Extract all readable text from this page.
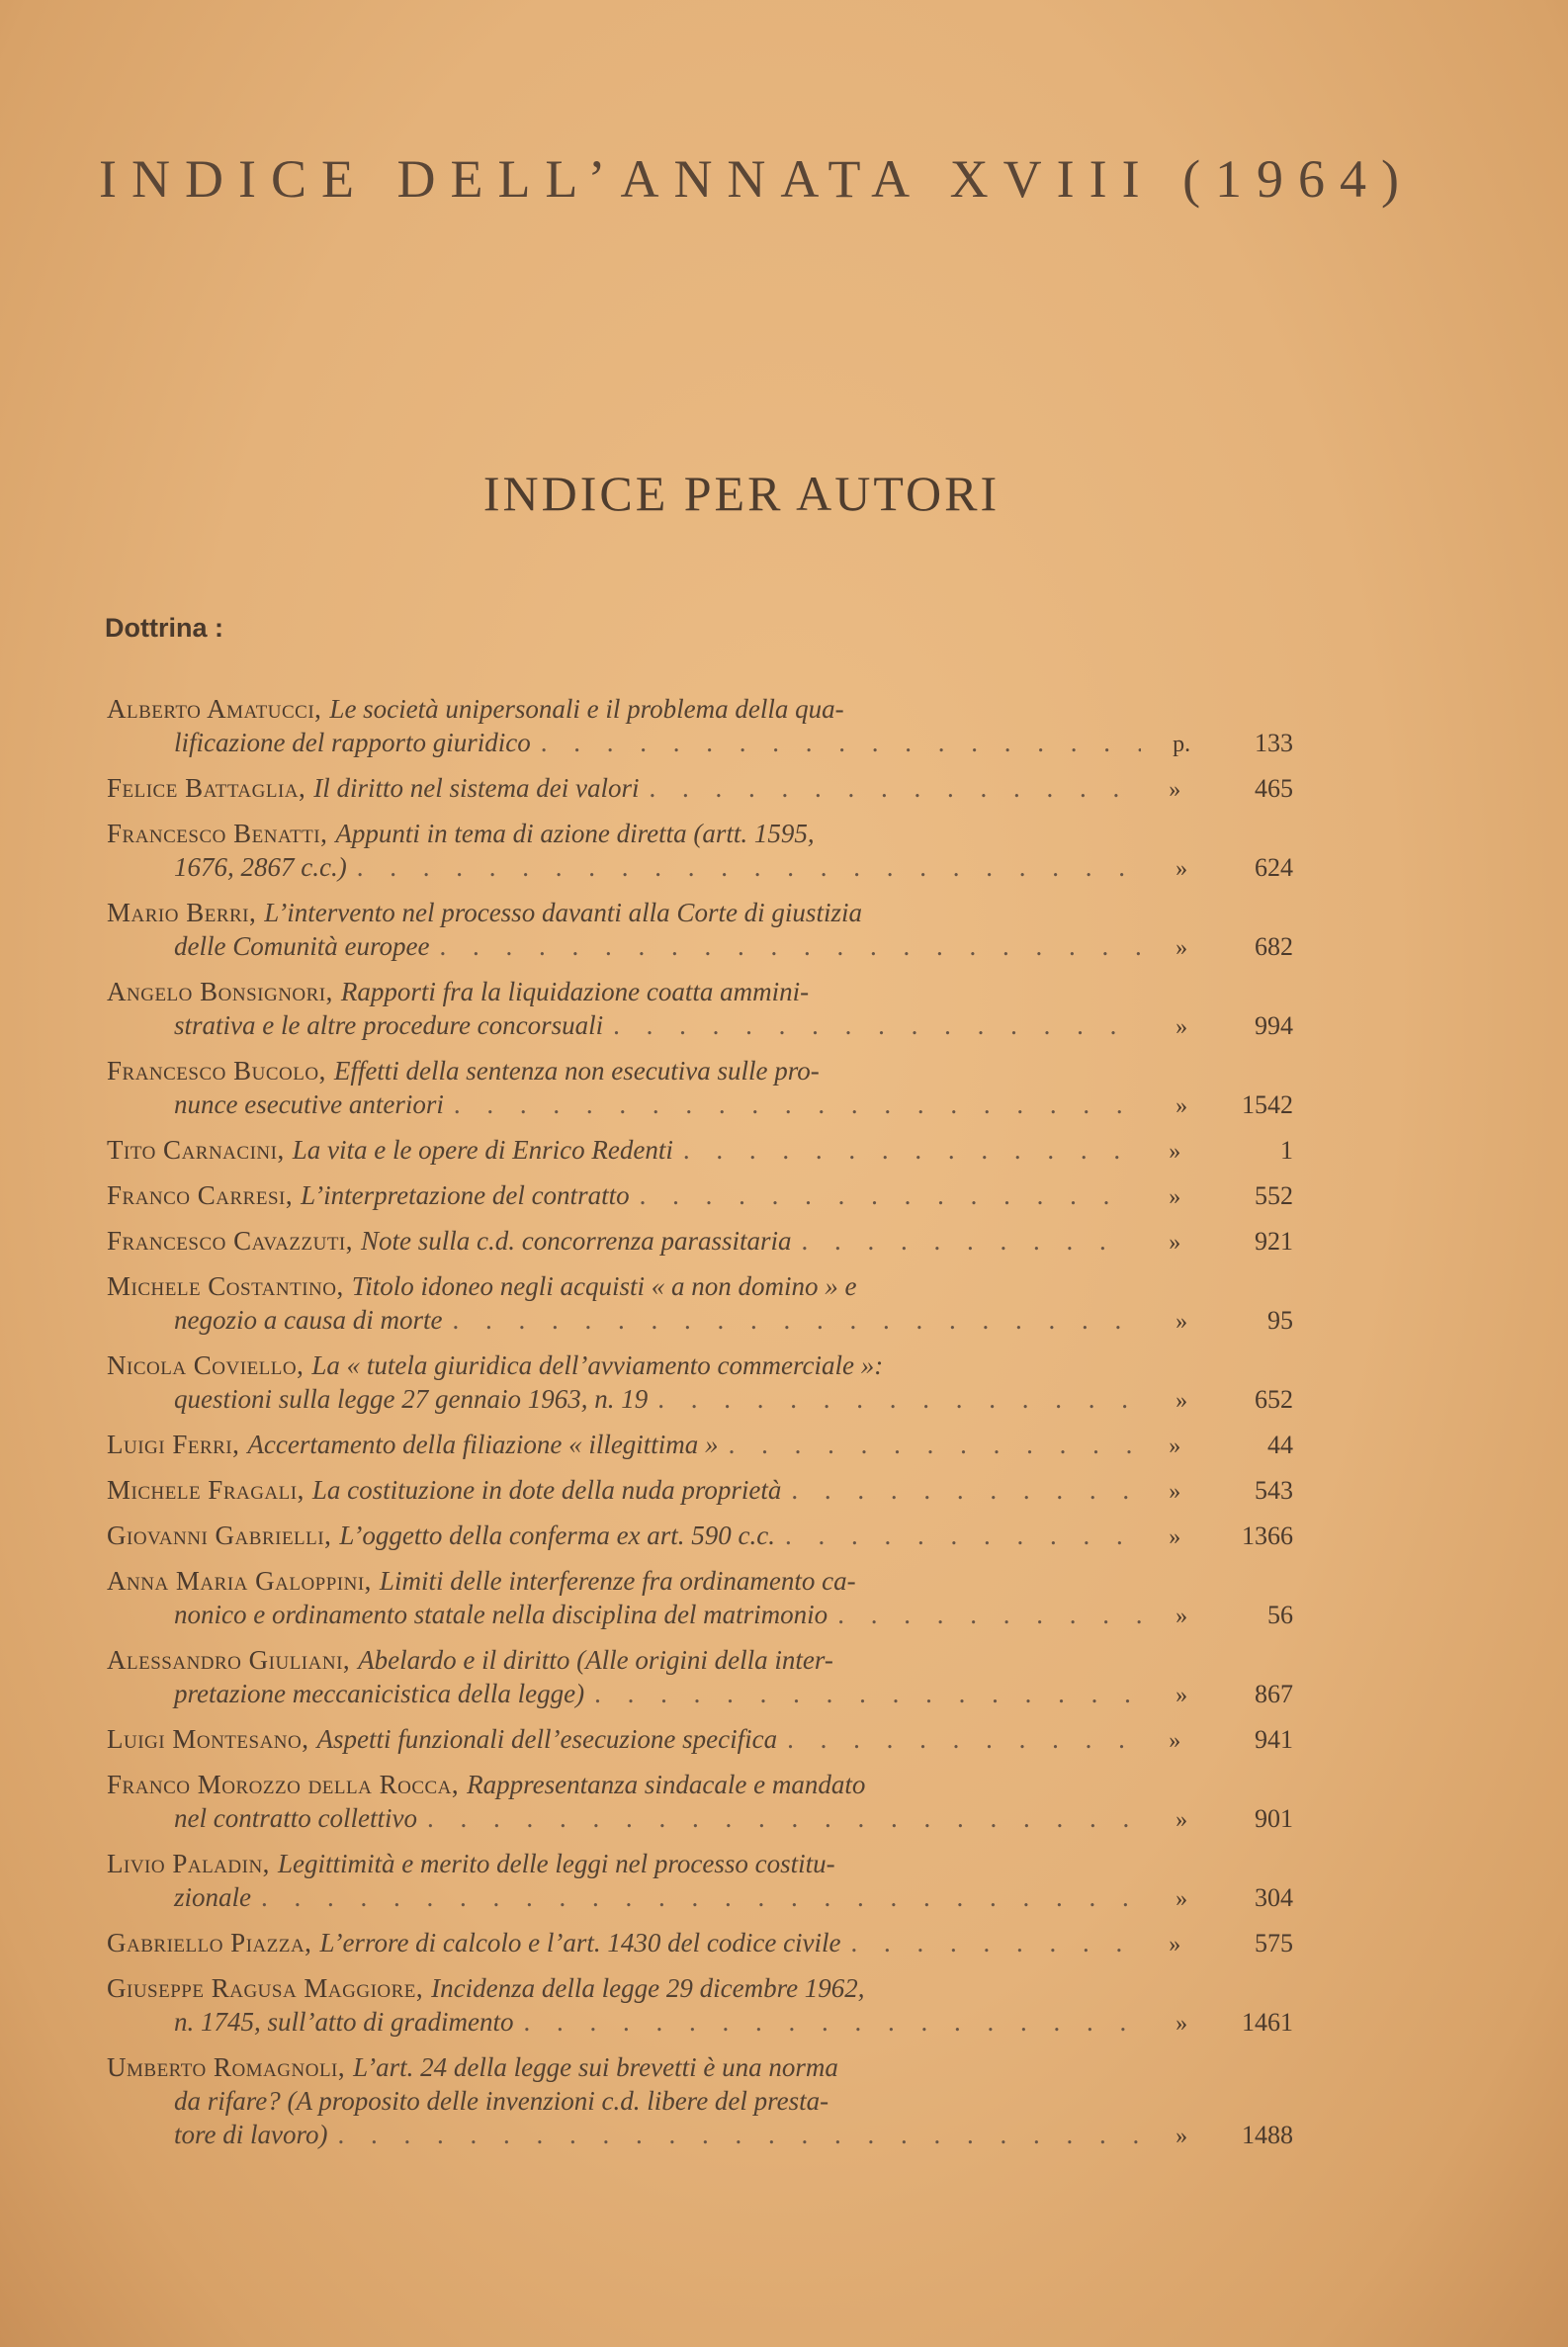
INDICE DELL’ANNATA XVIII (1964)
INDICE PER AUTORI
Dottrina :
Alberto Amatucci, Le società unipersonali e il problema della qua-
lificazione del rapporto giuridico . . .	p.	133
Felice Battaglia, Il diritto nel sistema dei valori . . .	»	465
Francesco Benatti, Appunti in tema di azione diretta (artt. 1595,
1676, 2867 c.c.) . . .	»	624
Mario Berri, L’intervento nel processo davanti alla Corte di giustizia
delle Comunità europee . . .	»	682
Angelo Bonsignori, Rapporti fra la liquidazione coatta ammini-
strativa e le altre procedure concorsuali . . .	»	994
Francesco Bucolo, Effetti della sentenza non esecutiva sulle pro-
nunce esecutive anteriori . . .	»	1542
Tito Carnacini, La vita e le opere di Enrico Redenti . . .	»	1
Franco Carresi, L’interpretazione del contratto . . .	»	552
Francesco Cavazzuti, Note sulla c.d. concorrenza parassitaria . . .	»	921
Michele Costantino, Titolo idoneo negli acquisti « a non domino » e
negozio a causa di morte . . .	»	95
Nicola Coviello, La « tutela giuridica dell’avviamento commerciale »:
questioni sulla legge 27 gennaio 1963, n. 19 . . .	»	652
Luigi Ferri, Accertamento della filiazione « illegittima » . . .	»	44
Michele Fragali, La costituzione in dote della nuda proprietà . . .	»	543
Giovanni Gabrielli, L’oggetto della conferma ex art. 590 c.c. . . .	»	1366
Anna Maria Galoppini, Limiti delle interferenze fra ordinamento ca-
nonico e ordinamento statale nella disciplina del matrimonio . . .	»	56
Alessandro Giuliani, Abelardo e il diritto (Alle origini della inter-
pretazione meccanicistica della legge) . . .	»	867
Luigi Montesano, Aspetti funzionali dell’esecuzione specifica . . .	»	941
Franco Morozzo della Rocca, Rappresentanza sindacale e mandato
nel contratto collettivo . . .	»	901
Livio Paladin, Legittimità e merito delle leggi nel processo costitu-
zionale . . .	»	304
Gabriello Piazza, L’errore di calcolo e l’art. 1430 del codice civile . . .	»	575
Giuseppe Ragusa Maggiore, Incidenza della legge 29 dicembre 1962,
n. 1745, sull’atto di gradimento . . .	»	1461
Umberto Romagnoli, L’art. 24 della legge sui brevetti è una norma
da rifare? (A proposito delle invenzioni c.d. libere del presta-
tore di lavoro) . . .	»	1488
